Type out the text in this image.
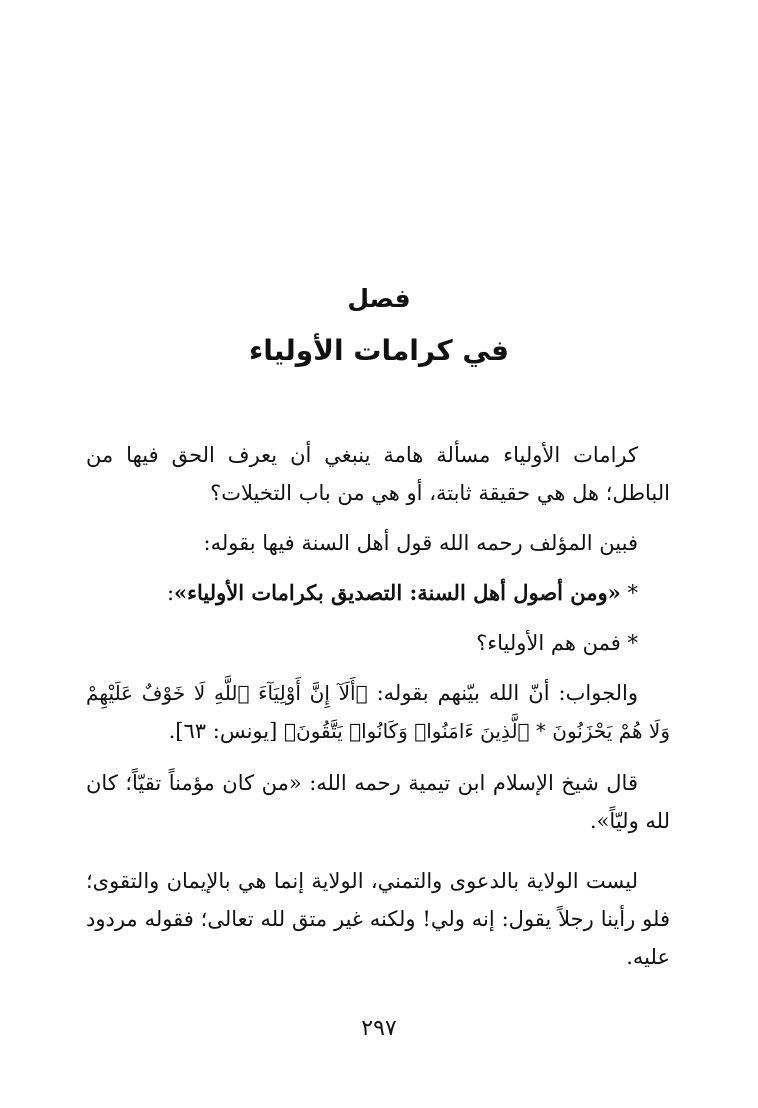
فصل
في كرامات الأولياء

كرامات الأولياء مسألة هامة ينبغي أن يعرف الحق فيها من الباطل؛ هل هي حقيقة ثابتة، أو هي من باب التخيلات؟

فبين المؤلف رحمه الله قول أهل السنة فيها بقوله:

* «ومن أصول أهل السنة: التصديق بكرامات الأولياء»:

* فمن هم الأولياء؟

والجواب: أنّ الله بيّنهم بقوله: ﴿أَلَآ إِنَّ أَوْلِيَآءَ ٱللَّهِ لَا خَوْفٌ عَلَيْهِمْ وَلَا هُمْ يَحْزَنُونَ * ٱلَّذِينَ ءَامَنُوا۟ وَكَانُوا۟ يَتَّقُونَ﴾ [يونس: ٦٣].

قال شيخ الإسلام ابن تيمية رحمه الله: «من كان مؤمناً تقيّاً؛ كان لله وليّاً».

ليست الولاية بالدعوى والتمني، الولاية إنما هي بالإيمان والتقوى؛ فلو رأينا رجلاً يقول: إنه ولي! ولكنه غير متق لله تعالى؛ فقوله مردود عليه.

٢٩٧
